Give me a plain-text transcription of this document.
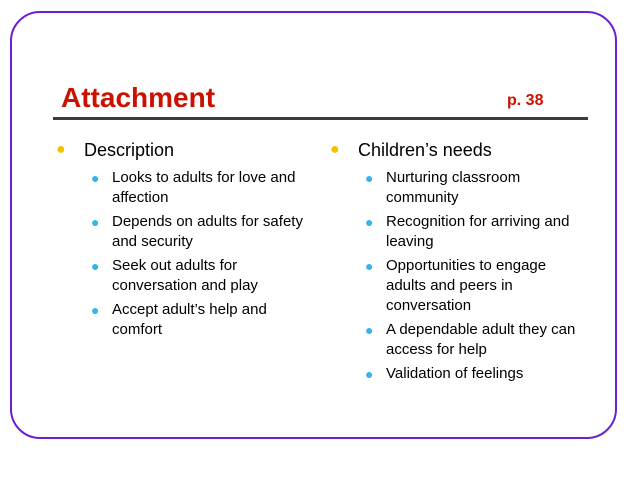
Attachment	p. 38
●	Description
● Looks to adults for love and affection
● Depends on adults for safety and security
● Seek out adults for conversation and play
● Accept adult’s help and comfort
●	Children’s needs
● Nurturing classroom community
● Recognition for arriving and leaving
● Opportunities to engage adults and peers in conversation
● A dependable adult they can access for help
● Validation of feelings
